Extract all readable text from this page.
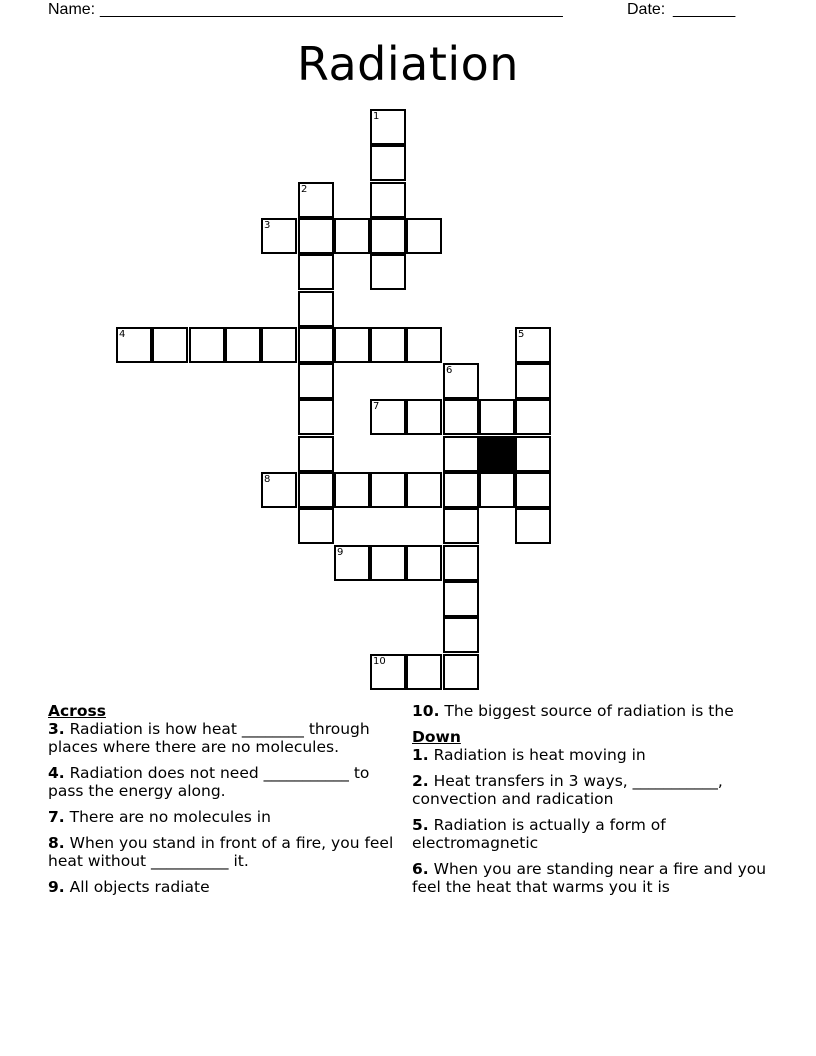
Name: ____________________________________________________	Date: _______
Radiation
1
2
3
4	5
6
7
8
9
10

Across

3. Radiation is how heat ________ through places where there are no molecules.

4. Radiation does not need ___________ to pass the energy along.

7. There are no molecules in

8. When you stand in front of a fire, you feel heat without __________ it.

9. All objects radiate

10. The biggest source of radiation is the

Down

1. Radiation is heat moving in

2. Heat transfers in 3 ways, ___________, convection and radication

5. Radiation is actually a form of electromagnetic

6. When you are standing near a fire and you feel the heat that warms you it is
